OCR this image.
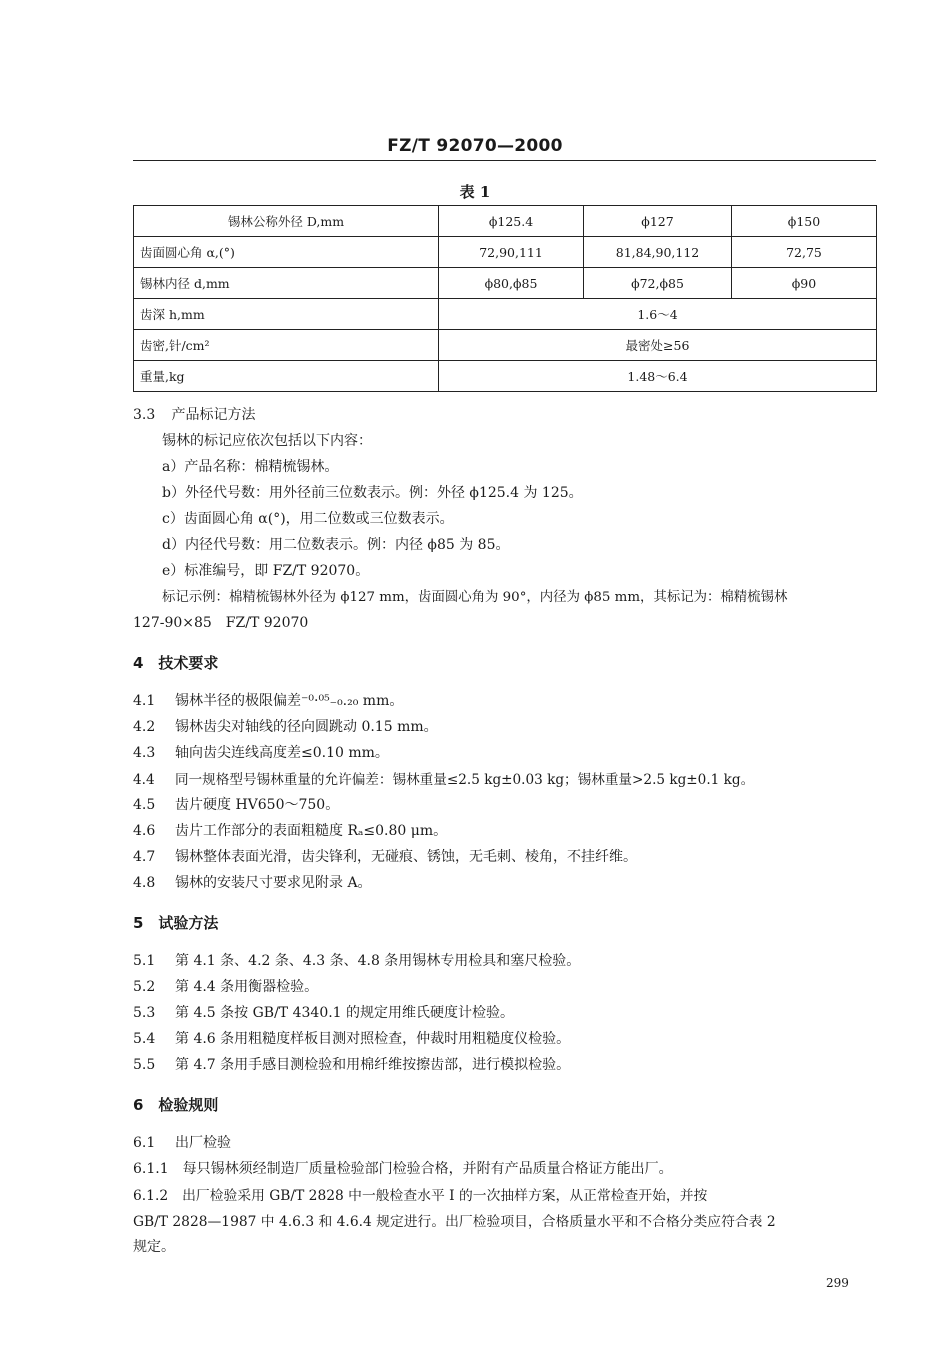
FZ/T 92070—2000
表 1
锡林公称外径 D,mm	ϕ125.4	ϕ127	ϕ150
齿面圆心角 α,(°)	72,90,111	81,84,90,112	72,75
锡林内径 d,mm	ϕ80,ϕ85	ϕ72,ϕ85	ϕ90
齿深 h,mm	1.6～4		
齿密,针/cm²	最密处≥56		
重量,kg	1.48～6.4		
3.3 产品标记方法
锡林的标记应依次包括以下内容：
a）产品名称：棉精梳锡林。
b）外径代号数：用外径前三位数表示。例：外径 ϕ125.4 为 125。
c）齿面圆心角 α(°)，用二位数或三位数表示。
d）内径代号数：用二位数表示。例：内径 ϕ85 为 85。
e）标准编号，即 FZ/T 92070。
标记示例：棉精梳锡林外径为 ϕ127 mm，齿面圆心角为 90°，内径为 ϕ85 mm，其标记为：棉精梳锡林
127-90×85　FZ/T 92070
4　技术要求
4.1 锡林半径的极限偏差⁻⁰·⁰⁵₋₀.₂₀ mm。
4.2 锡林齿尖对轴线的径向圆跳动 0.15 mm。
4.3 轴向齿尖连线高度差≤0.10 mm。
4.4 同一规格型号锡林重量的允许偏差：锡林重量≤2.5 kg±0.03 kg；锡林重量>2.5 kg±0.1 kg。
4.5 齿片硬度 HV650～750。
4.6 齿片工作部分的表面粗糙度 Rₐ≤0.80 μm。
4.7 锡林整体表面光滑，齿尖锋利，无碰痕、锈蚀，无毛刺、棱角，不挂纤维。
4.8 锡林的安装尺寸要求见附录 A。
5　试验方法
5.1 第 4.1 条、4.2 条、4.3 条、4.8 条用锡林专用检具和塞尺检验。
5.2 第 4.4 条用衡器检验。
5.3 第 4.5 条按 GB/T 4340.1 的规定用维氏硬度计检验。
5.4 第 4.6 条用粗糙度样板目测对照检查，仲裁时用粗糙度仪检验。
5.5 第 4.7 条用手感目测检验和用棉纤维按擦齿部，进行模拟检验。
6　检验规则
6.1 出厂检验
6.1.1 每只锡林须经制造厂质量检验部门检验合格，并附有产品质量合格证方能出厂。
6.1.2 出厂检验采用 GB/T 2828 中一般检查水平 Ⅰ 的一次抽样方案，从正常检查开始，并按
GB/T 2828—1987 中 4.6.3 和 4.6.4 规定进行。出厂检验项目，合格质量水平和不合格分类应符合表 2
规定。
299
